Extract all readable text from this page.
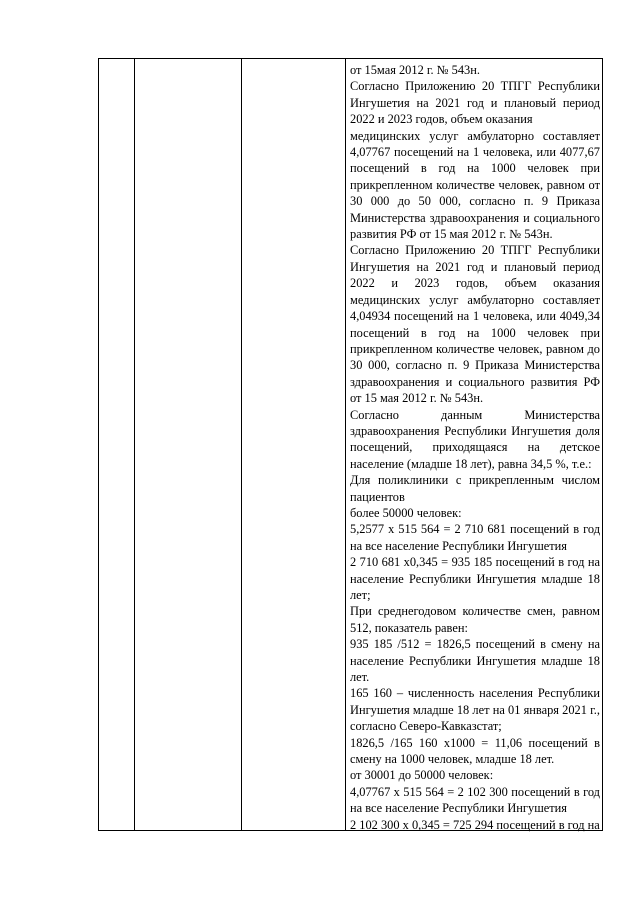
от 15мая 2012 г. № 543н.
Согласно Приложению 20 ТПГГ Республики
Ингушетия на 2021 год и плановый период
2022 и 2023 годов, объем оказания
медицинских услуг амбулаторно составляет
4,07767 посещений на 1 человека, или 4077,67
посещений в год на 1000 человек при
прикрепленном количестве человек, равном от
30 000 до 50 000, согласно п. 9 Приказа
Министерства здравоохранения и социального
развития РФ от 15 мая 2012 г. № 543н.
Согласно Приложению 20 ТПГГ Республики
Ингушетия на 2021 год и плановый период
2022 и 2023 годов, объем оказания
медицинских услуг амбулаторно составляет
4,04934 посещений на 1 человека, или 4049,34
посещений в год на 1000 человек при
прикрепленном количестве человек, равном до
30 000, согласно п. 9 Приказа Министерства
здравоохранения и социального развития РФ
от 15 мая 2012 г. № 543н.
Согласно данным Министерства
здравоохранения Республики Ингушетия доля
посещений, приходящаяся на детское
население (младше 18 лет), равна 34,5 %, т.е.:
Для поликлиники с прикрепленным числом
пациентов
более 50000 человек:
5,2577 х 515 564 = 2 710 681 посещений в год
на все население Республики Ингушетия
2 710 681 х0,345 = 935 185 посещений в год на
население Республики Ингушетия младше 18
лет;
При среднегодовом количестве смен, равном
512, показатель равен:
935 185 /512 = 1826,5 посещений в смену на
население Республики Ингушетия младше 18
лет.
165 160 – численность населения Республики
Ингушетия младше 18 лет на 01 января 2021 г.,
согласно Северо-Кавказстат;
1826,5 /165 160 х1000 = 11,06 посещений в
смену на 1000 человек, младше 18 лет.
от 30001 до 50000 человек:
4,07767 х 515 564 = 2 102 300 посещений в год
на все население Республики Ингушетия
2 102 300 х 0,345 = 725 294 посещений в год на
